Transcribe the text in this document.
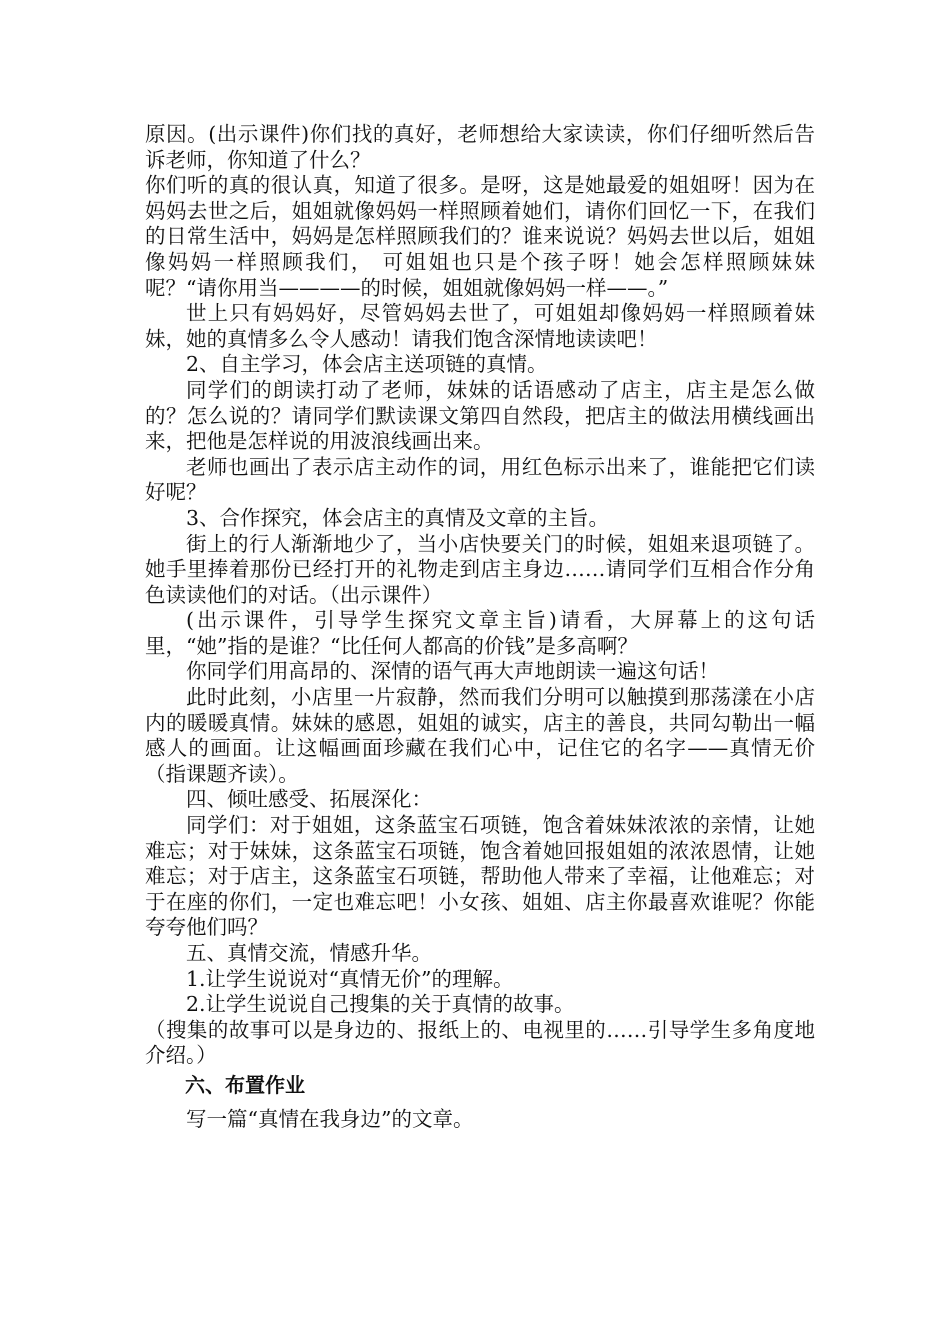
原因。(出示课件)你们找的真好，老师想给大家读读，你们仔细听然后告诉老师，你知道了什么？

你们听的真的很认真，知道了很多。是呀，这是她最爱的姐姐呀！因为在妈妈去世之后，姐姐就像妈妈一样照顾着她们，请你们回忆一下，在我们的日常生活中，妈妈是怎样照顾我们的？谁来说说？妈妈去世以后，姐姐像妈妈一样照顾我们， 可姐姐也只是个孩子呀！她会怎样照顾妹妹呢？“请你用当————的时候，姐姐就像妈妈一样——。”

世上只有妈妈好，尽管妈妈去世了，可姐姐却像妈妈一样照顾着妹妹，她的真情多么令人感动！请我们饱含深情地读读吧！

2、自主学习，体会店主送项链的真情。

同学们的朗读打动了老师，妹妹的话语感动了店主，店主是怎么做的？怎么说的？请同学们默读课文第四自然段，把店主的做法用横线画出来，把他是怎样说的用波浪线画出来。

老师也画出了表示店主动作的词，用红色标示出来了，谁能把它们读好呢？

3、合作探究，体会店主的真情及文章的主旨。

街上的行人渐渐地少了，当小店快要关门的时候，姐姐来退项链了。她手里捧着那份已经打开的礼物走到店主身边……请同学们互相合作分角色读读他们的对话。（出示课件）

(出示课件，引导学生探究文章主旨)请看，大屏幕上的这句话里，“她”指的是谁？“比任何人都高的价钱”是多高啊？

你同学们用高昂的、深情的语气再大声地朗读一遍这句话！

此时此刻，小店里一片寂静，然而我们分明可以触摸到那荡漾在小店内的暖暖真情。妹妹的感恩，姐姐的诚实，店主的善良，共同勾勒出一幅感人的画面。让这幅画面珍藏在我们心中，记住它的名字——真情无价（指课题齐读）。

四、倾吐感受、拓展深化：

同学们：对于姐姐，这条蓝宝石项链，饱含着妹妹浓浓的亲情，让她难忘；对于妹妹，这条蓝宝石项链，饱含着她回报姐姐的浓浓恩情，让她难忘；对于店主，这条蓝宝石项链，帮助他人带来了幸福，让他难忘；对于在座的你们，一定也难忘吧！小女孩、姐姐、店主你最喜欢谁呢？你能夸夸他们吗？

五、真情交流，情感升华。

1.让学生说说对“真情无价”的理解。

2.让学生说说自己搜集的关于真情的故事。

（搜集的故事可以是身边的、报纸上的、电视里的……引导学生多角度地介绍。）

六、布置作业

写一篇“真情在我身边”的文章。
